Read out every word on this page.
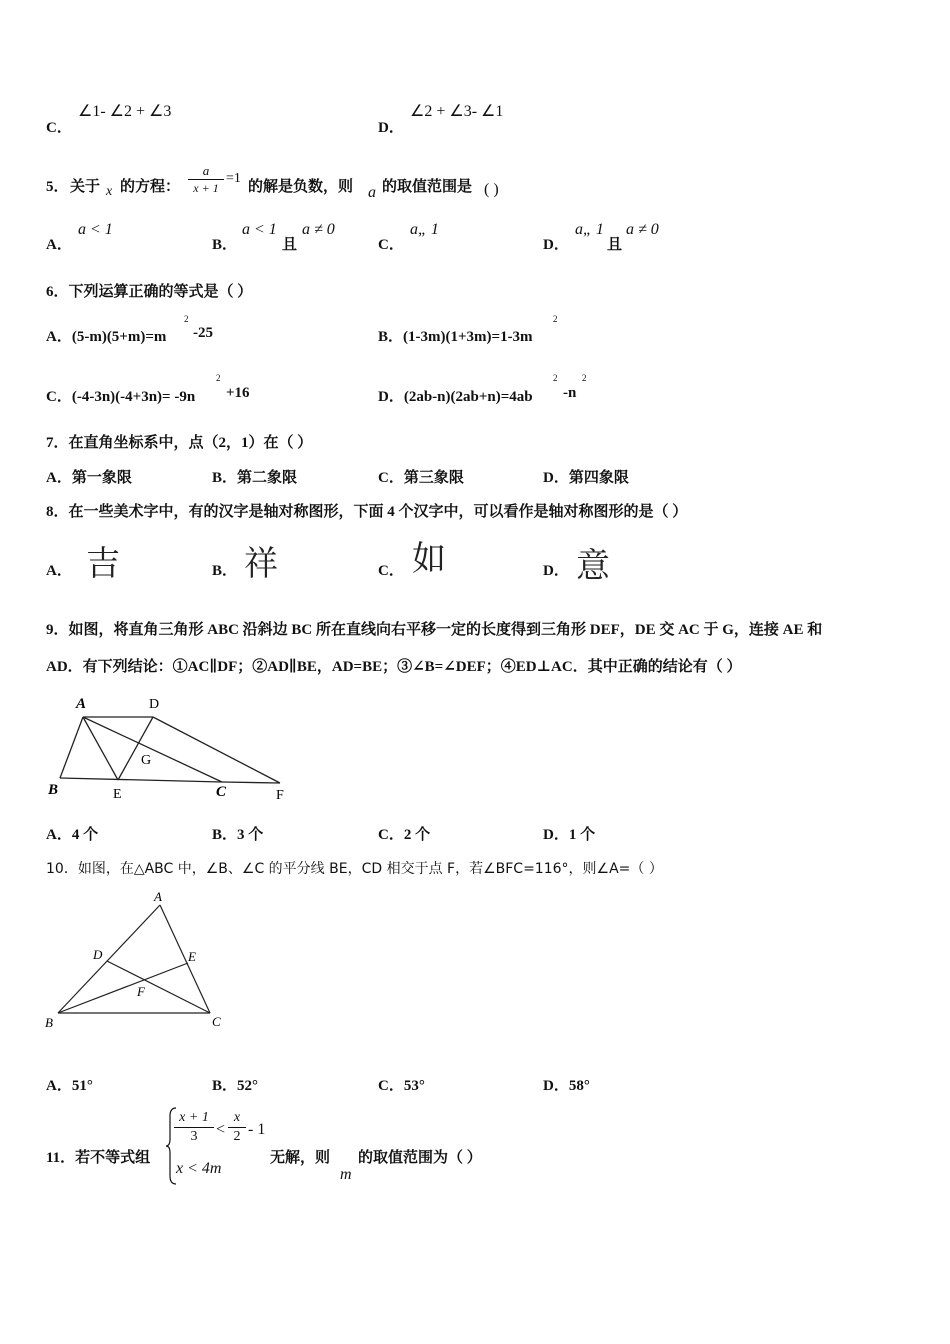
C．
∠1- ∠2 + ∠3
D．
∠2 + ∠3- ∠1
5． 关于 x 的方程：
a
x + 1
=1
的解是负数，则 a 的取值范围是 ( )
A．
a < 1
B．
a < 1
且
a ≠ 0
C．
a„ 1
D．
a„ 1
且
a ≠ 0
6．下列运算正确的等式是（ ）
A．(5-m)(5+m)=m
2
-25	B．(1-3m)(1+3m)=1-3m
2
C．(-4-3n)(-4+3n)= -9n
2
+16	D．(2ab-n)(2ab+n)=4ab
2
-n
2
7．在直角坐标系中，点（2，1）在（ ）
A．第一象限	B．第二象限	C．第三象限	D．第四象限
8．在一些美术字中，有的汉字是轴对称图形，下面 4 个汉字中，可以看作是轴对称图形的是（ ）
A． 吉	B． 祥	C． 如	D． 意
9．如图，将直角三角形 ABC 沿斜边 BC 所在直线向右平移一定的长度得到三角形 DEF，DE 交 AC 于 G，连接 AE 和
AD．有下列结论：①AC∥DF；②AD∥BE，AD=BE；③∠B=∠DEF；④ED⊥AC．其中正确的结论有（ ）
A	D
G
B	E	C	F
A．4 个	B．3 个	C．2 个	D．1 个
10．如图，在△ABC 中，∠B、∠C 的平分线 BE，CD 相交于点 F，若∠BFC=116°，则∠A=（ ）
A
D	E
F
B	C
A．51°	B．52°	C．53°	D．58°
11．若不等式组
x + 1
3	<
x
2 - 1
x < 4m
无解，则
m
的取值范围为（ ）
